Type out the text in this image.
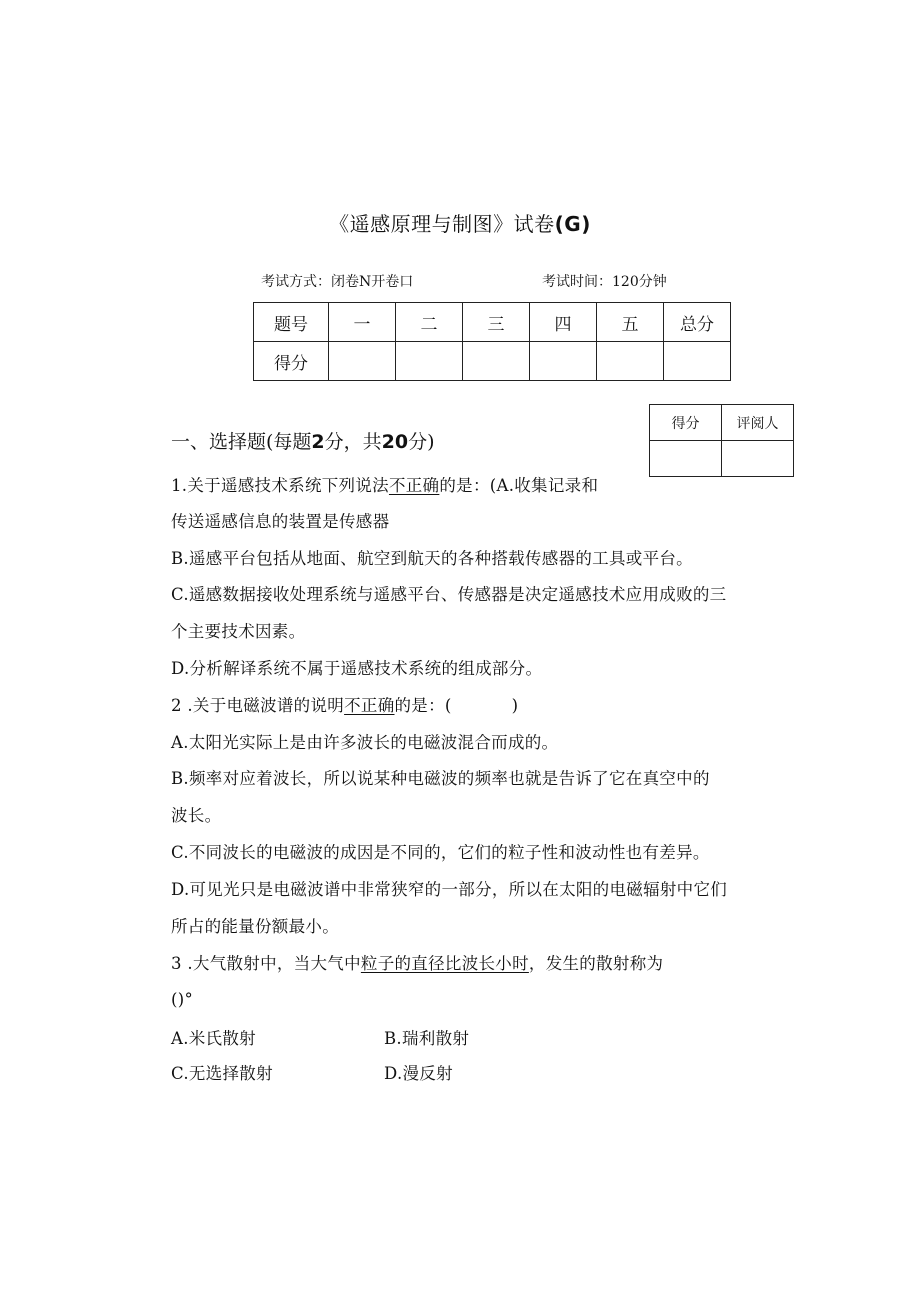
《遥感原理与制图》试卷(G)
考试方式：闭卷N开卷口	考试时间：120分钟
题号	一	二	三	四	五	总分
得分						
得分	评阅人

一、选择题(每题2分，共20分)
1.关于遥感技术系统下列说法不正确的是：(A.收集记录和
传送遥感信息的装置是传感器
B.遥感平台包括从地面、航空到航天的各种搭载传感器的工具或平台。
C.遥感数据接收处理系统与遥感平台、传感器是决定遥感技术应用成败的三
个主要技术因素。
D.分析解译系统不属于遥感技术系统的组成部分。
2 .关于电磁波谱的说明不正确的是：(	)
A.太阳光实际上是由许多波长的电磁波混合而成的。
B.频率对应着波长，所以说某种电磁波的频率也就是告诉了它在真空中的
波长。
C.不同波长的电磁波的成因是不同的，它们的粒子性和波动性也有差异。
D.可见光只是电磁波谱中非常狭窄的一部分，所以在太阳的电磁辐射中它们
所占的能量份额最小。
3 .大气散射中，当大气中粒子的直径比波长小时，发生的散射称为
()°
A.米氏散射	B.瑞利散射
C.无选择散射	D.漫反射
